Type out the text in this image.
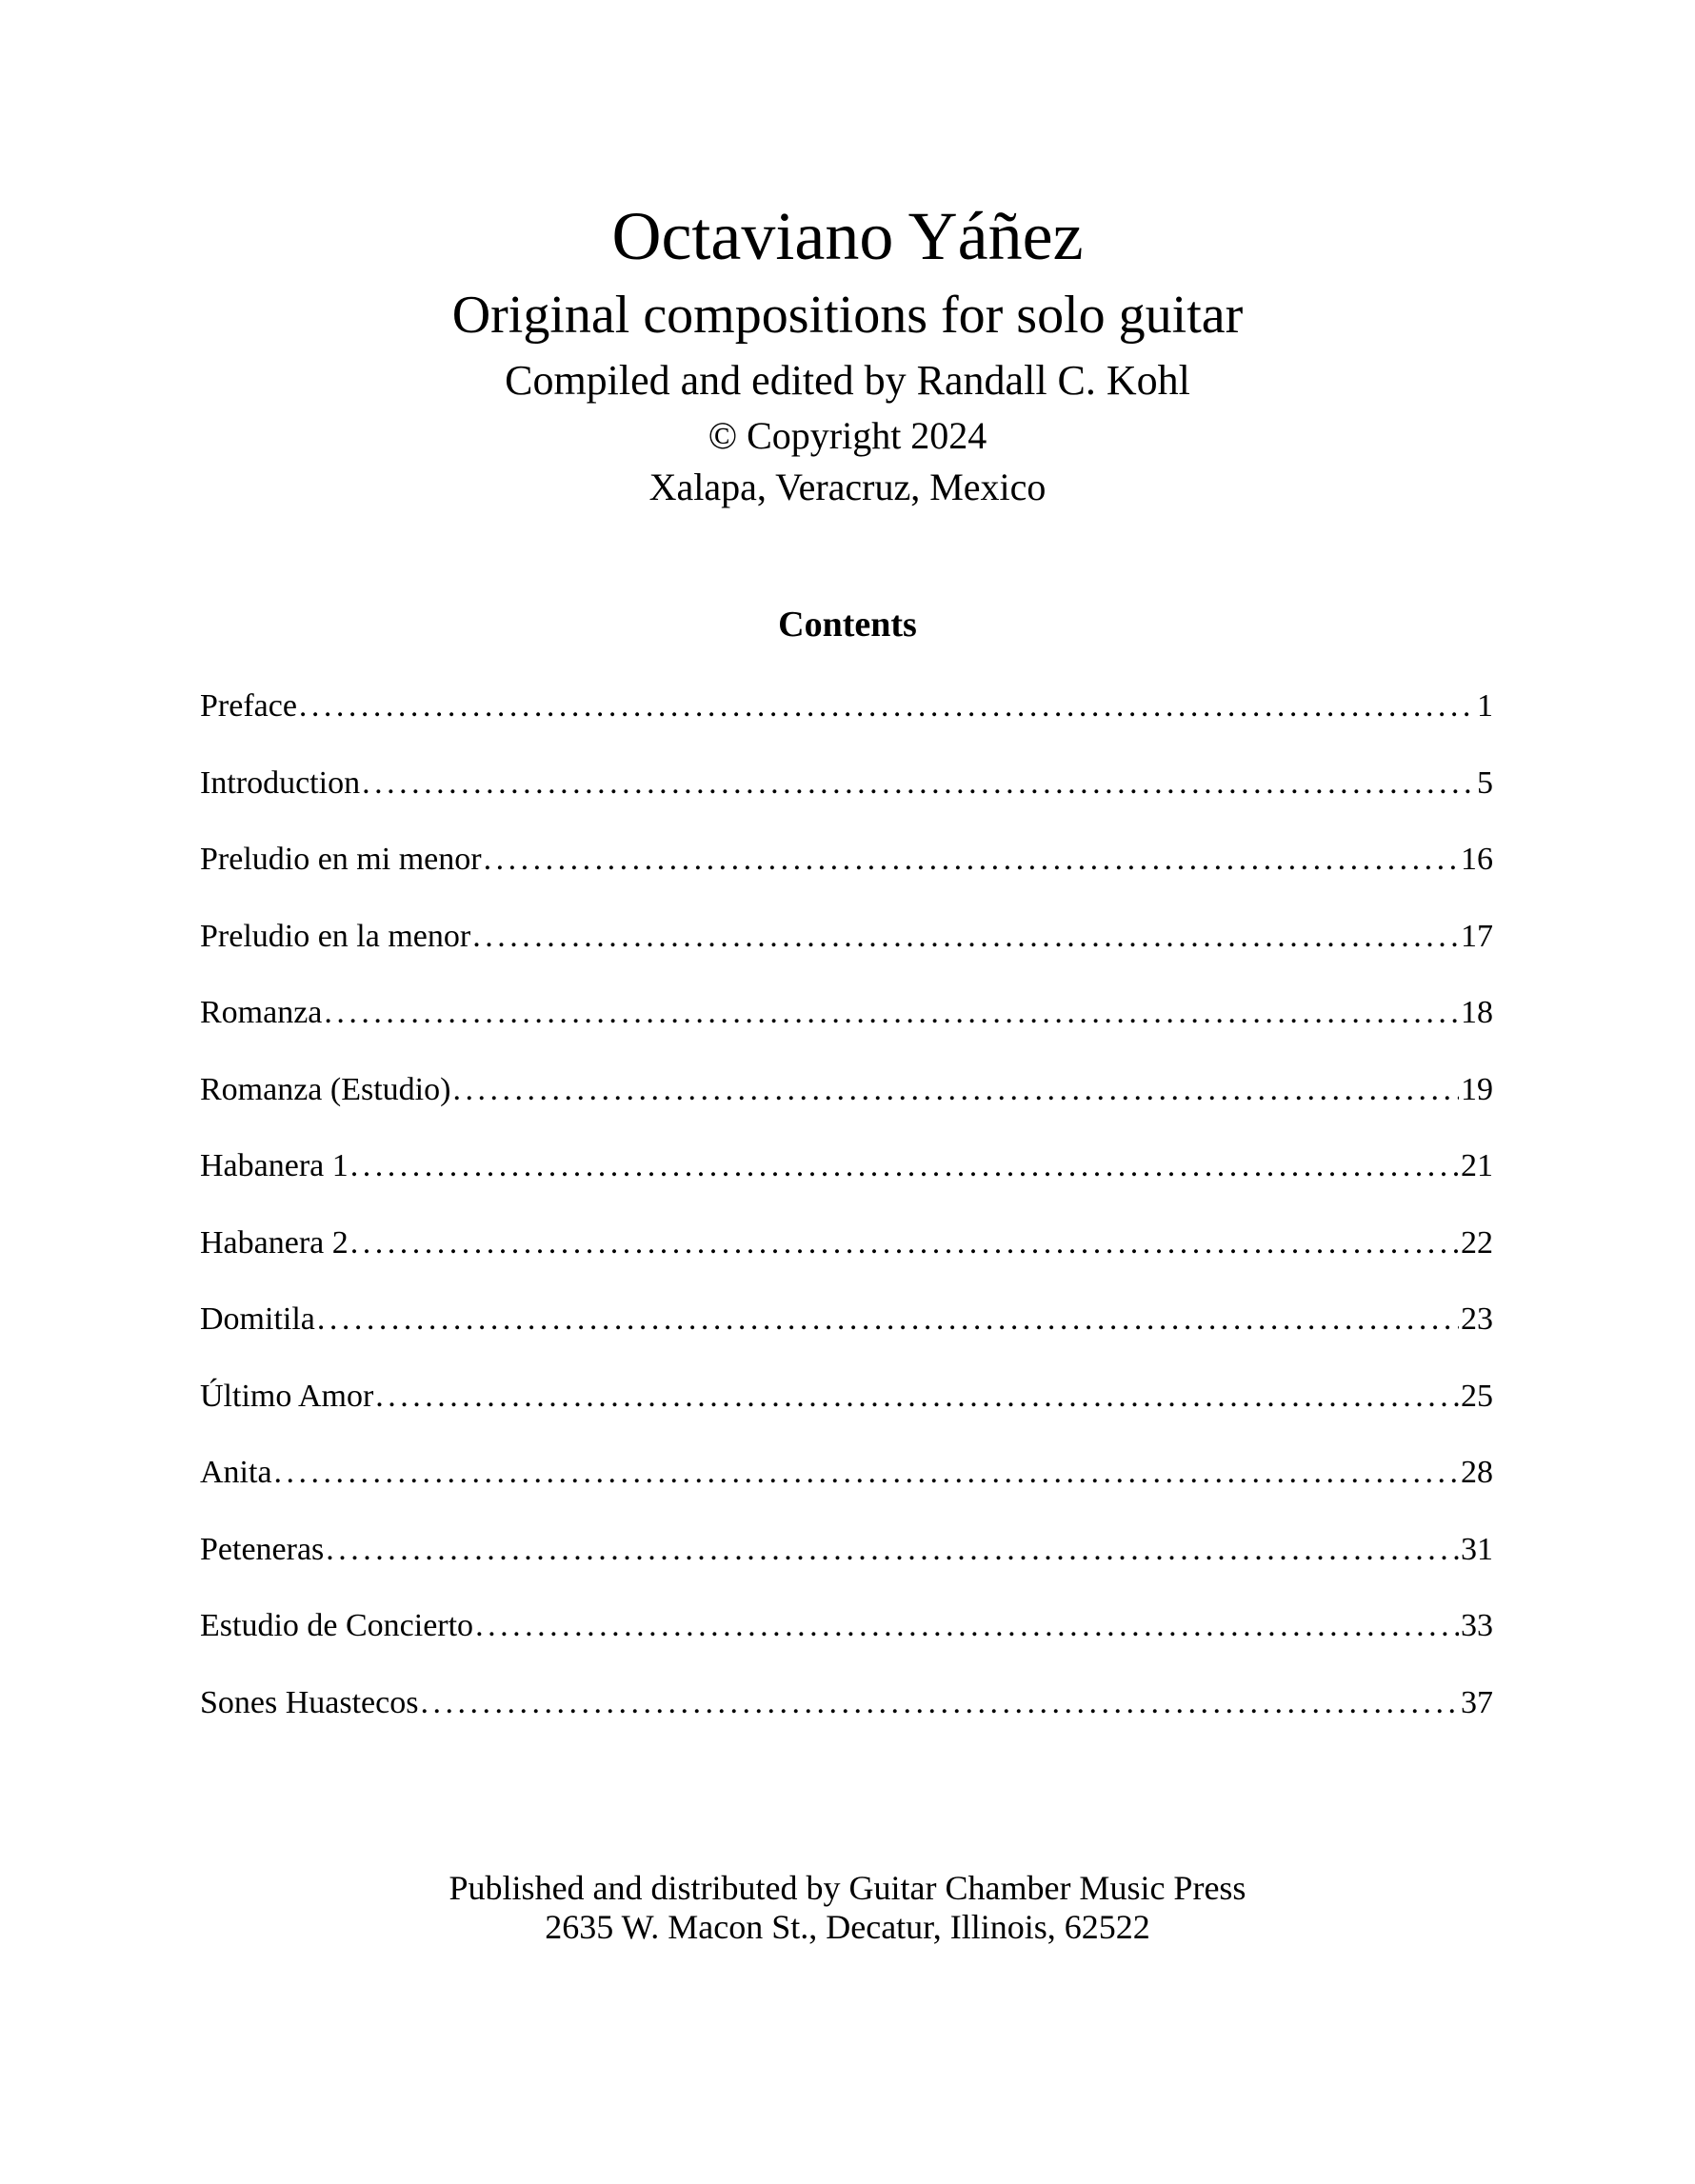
Octaviano Yáñez
Original compositions for solo guitar
Compiled and edited by Randall C. Kohl
© Copyright 2024
Xalapa, Veracruz, Mexico
Contents
Preface . . .	1
Introduction . . .	5
Preludio en mi menor . . .	16
Preludio en la menor . . .	17
Romanza . . .	18
Romanza (Estudio) . . .	19
Habanera 1 . . .	21
Habanera 2 . . .	22
Domitila . . .	23
Último Amor . . .	25
Anita . . .	28
Peteneras . . .	31
Estudio de Concierto . . .	33
Sones Huastecos . . .	37
Published and distributed by Guitar Chamber Music Press
2635 W. Macon St., Decatur, Illinois, 62522
